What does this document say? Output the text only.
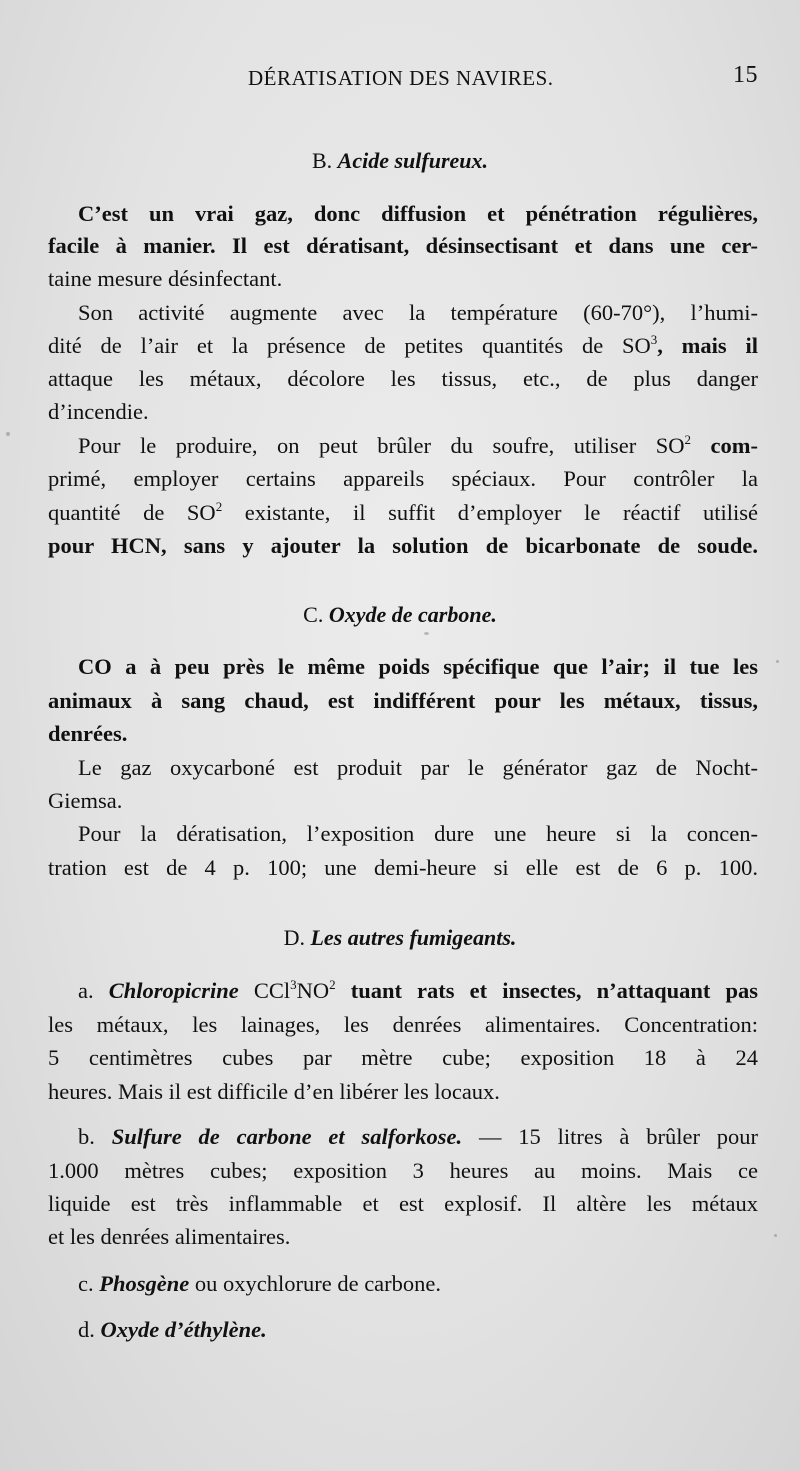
DÉRATISATION DES NAVIRES.	15
B. Acide sulfureux.
C’est un vrai gaz, donc diffusion et pénétration régulières,
facile à manier. Il est dératisant, désinsectisant et dans une cer-
taine mesure désinfectant.
Son activité augmente avec la température (60-70°), l’humi-
dité de l’air et la présence de petites quantités de $SO^3$, mais il
attaque les métaux, décolore les tissus, etc., de plus danger
d’incendie.
Pour le produire, on peut brûler du soufre, utiliser $SO^2$ com-
primé, employer certains appareils spéciaux. Pour contrôler la
quantité de $SO^2$ existante, il suffit d’employer le réactif utilisé
pour HCN, sans y ajouter la solution de bicarbonate de soude.
C. Oxyde de carbone.
CO a à peu près le même poids spécifique que l’air; il tue les
animaux à sang chaud, est indifférent pour les métaux, tissus,
denrées.
Le gaz oxycarboné est produit par le générator gaz de Nocht-
Giemsa.
Pour la dératisation, l’exposition dure une heure si la concen-
tration est de 4 p. 100; une demi-heure si elle est de 6 p. 100.
D. Les autres fumigeants.
a. Chloropicrine $CCl^3NO^2$ tuant rats et insectes, n’attaquant pas
les métaux, les lainages, les denrées alimentaires. Concentration:
5 centimètres cubes par mètre cube; exposition 18 à 24
heures. Mais il est difficile d’en libérer les locaux.
b. Sulfure de carbone et salforkose. — 15 litres à brûler pour
1.000 mètres cubes; exposition 3 heures au moins. Mais ce
liquide est très inflammable et est explosif. Il altère les métaux
et les denrées alimentaires.
c. Phosgène ou oxychlorure de carbone.
d. Oxyde d’éthylène.
